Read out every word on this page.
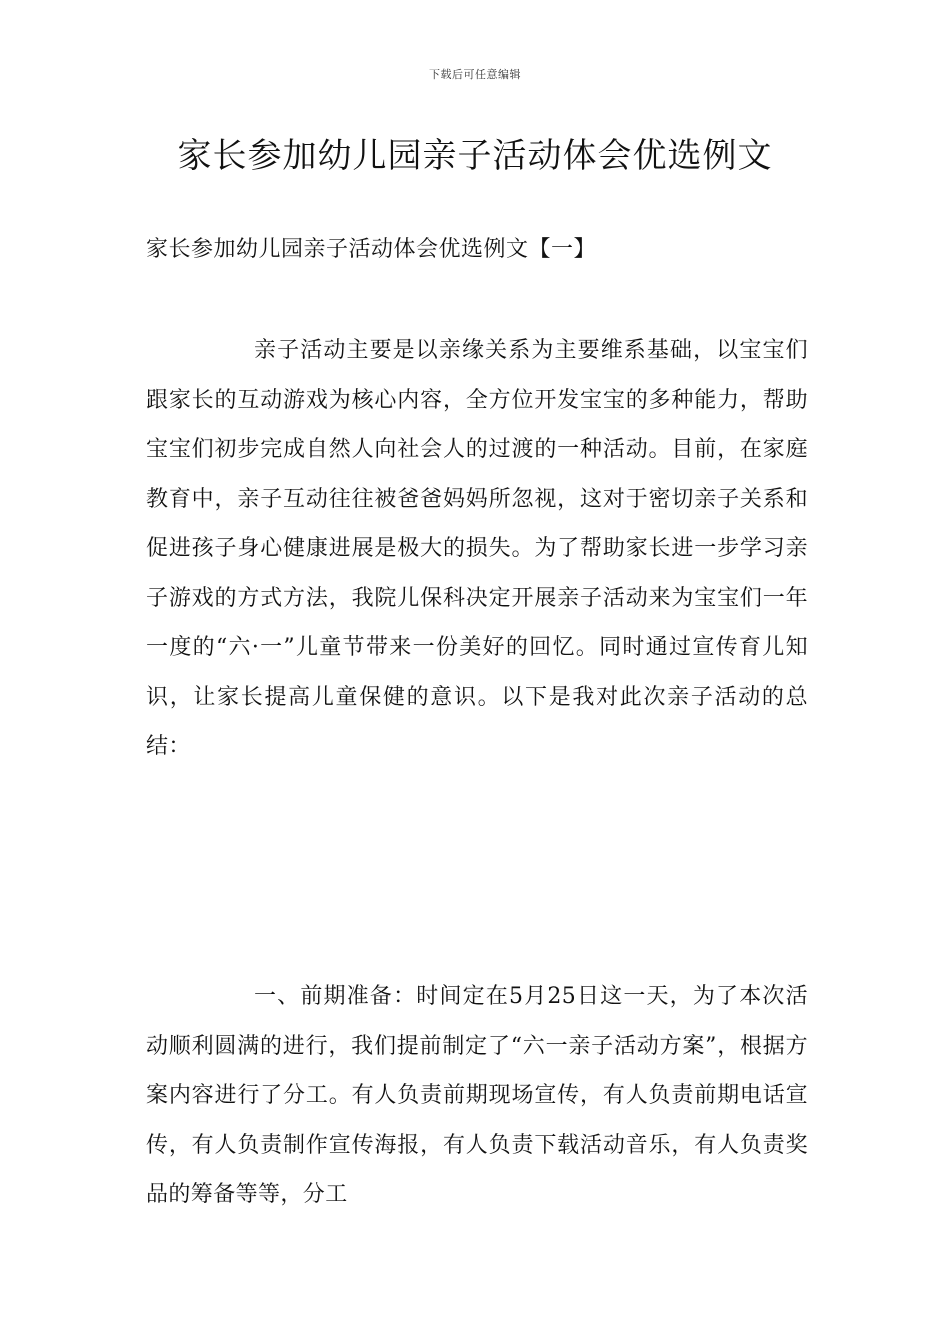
下载后可任意编辑
家长参加幼儿园亲子活动体会优选例文
家长参加幼儿园亲子活动体会优选例文【一】

亲子活动主要是以亲缘关系为主要维系基础，以宝宝们跟家长的互动游戏为核心内容，全方位开发宝宝的多种能力，帮助宝宝们初步完成自然人向社会人的过渡的一种活动。目前，在家庭教育中，亲子互动往往被爸爸妈妈所忽视，这对于密切亲子关系和促进孩子身心健康进展是极大的损失。为了帮助家长进一步学习亲子游戏的方式方法，我院儿保科决定开展亲子活动来为宝宝们一年一度的“六·一”儿童节带来一份美好的回忆。同时通过宣传育儿知识，让家长提高儿童保健的意识。以下是我对此次亲子活动的总结：

一、前期准备：时间定在5月25日这一天，为了本次活动顺利圆满的进行，我们提前制定了“六一亲子活动方案”，根据方案内容进行了分工。有人负责前期现场宣传，有人负责前期电话宣传，有人负责制作宣传海报，有人负责下载活动音乐，有人负责奖品的筹备等等，分工
